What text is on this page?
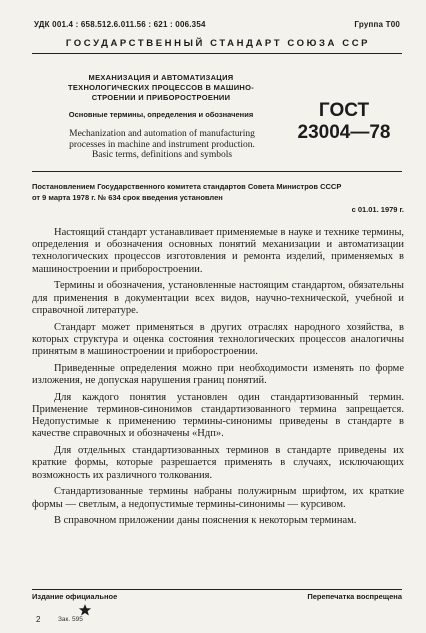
УДК 001.4 : 658.512.6.011.56 : 621 : 006.354	Группа Т00
ГОСУДАРСТВЕННЫЙ СТАНДАРТ СОЮЗА ССР

МЕХАНИЗАЦИЯ И АВТОМАТИЗАЦИЯ
ТЕХНОЛОГИЧЕСКИХ ПРОЦЕССОВ В МАШИНО-
СТРОЕНИИ И ПРИБОРОСТРОЕНИИ

Основные термины, определения и обозначения

Mechanization and automation of manufacturing
processes in machine and instrument production.
Basic terms, definitions and symbols
ГОСТ
23004—78
Постановлением Государственного комитета стандартов Совета Министров СССР
от 9 марта 1978 г. № 634 срок введения установлен
с 01.01. 1979 г.

Настоящий стандарт устанавливает применяемые в науке и технике термины, определения и обозначения основных понятий механизации и автоматизации технологических процессов изготовления и ремонта изделий, применяемых в машиностроении и приборостроении.

Термины и обозначения, установленные настоящим стандартом, обязательны для применения в документации всех видов, научно-технической, учебной и справочной литературе.

Стандарт может применяться в других отраслях народного хозяйства, в которых структура и оценка состояния технологических процессов аналогичны принятым в машиностроении и приборостроении.

Приведенные определения можно при необходимости изменять по форме изложения, не допуская нарушения границ понятий.

Для каждого понятия установлен один стандартизованный термин. Применение терминов-синонимов стандартизованного термина запрещается. Недопустимые к применению термины-синонимы приведены в стандарте в качестве справочных и обозначены «Ндп».

Для отдельных стандартизованных терминов в стандарте приведены их краткие формы, которые разрешается применять в случаях, исключающих возможность их различного толкования.

Стандартизованные термины набраны полужирным шрифтом, их краткие формы — светлым, а недопустимые термины-синонимы — курсивом.

В справочном приложении даны пояснения к некоторым терминам.

Издание официальное	Перепечатка воспрещена
2	Зак. 595
